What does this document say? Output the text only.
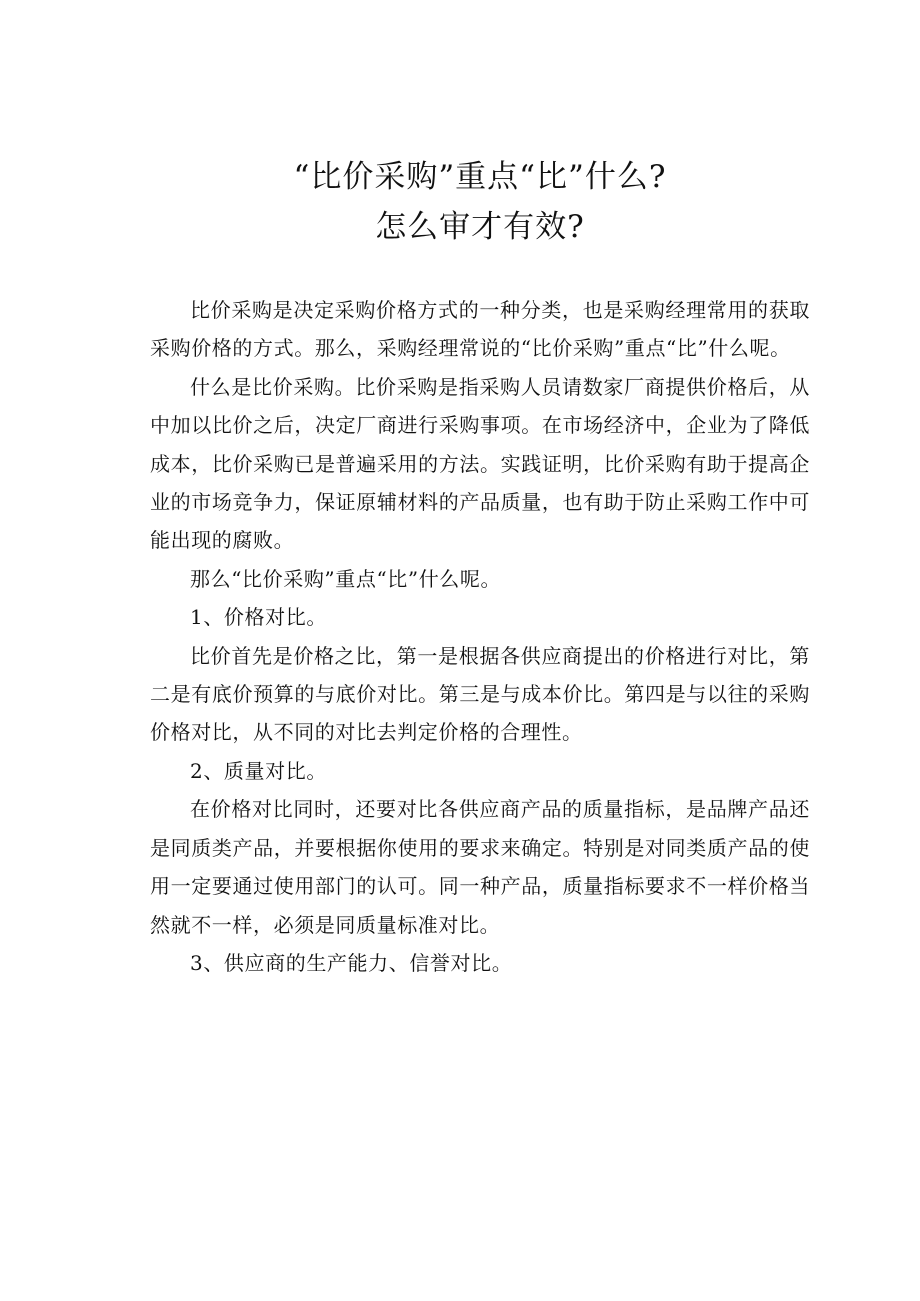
“比价采购”重点“比”什么?
怎么审才有效?

比价采购是决定采购价格方式的一种分类，也是采购经理常用的获取采购价格的方式。那么，采购经理常说的“比价采购”重点“比”什么呢。

什么是比价采购。比价采购是指采购人员请数家厂商提供价格后，从中加以比价之后，决定厂商进行采购事项。在市场经济中，企业为了降低成本，比价采购已是普遍采用的方法。实践证明，比价采购有助于提高企业的市场竞争力，保证原辅材料的产品质量，也有助于防止采购工作中可能出现的腐败。

那么“比价采购”重点“比”什么呢。

1、价格对比。

比价首先是价格之比，第一是根据各供应商提出的价格进行对比，第二是有底价预算的与底价对比。第三是与成本价比。第四是与以往的采购价格对比，从不同的对比去判定价格的合理性。

2、质量对比。

在价格对比同时，还要对比各供应商产品的质量指标，是品牌产品还是同质类产品，并要根据你使用的要求来确定。特别是对同类质产品的使用一定要通过使用部门的认可。同一种产品，质量指标要求不一样价格当然就不一样，必须是同质量标准对比。

3、供应商的生产能力、信誉对比。
